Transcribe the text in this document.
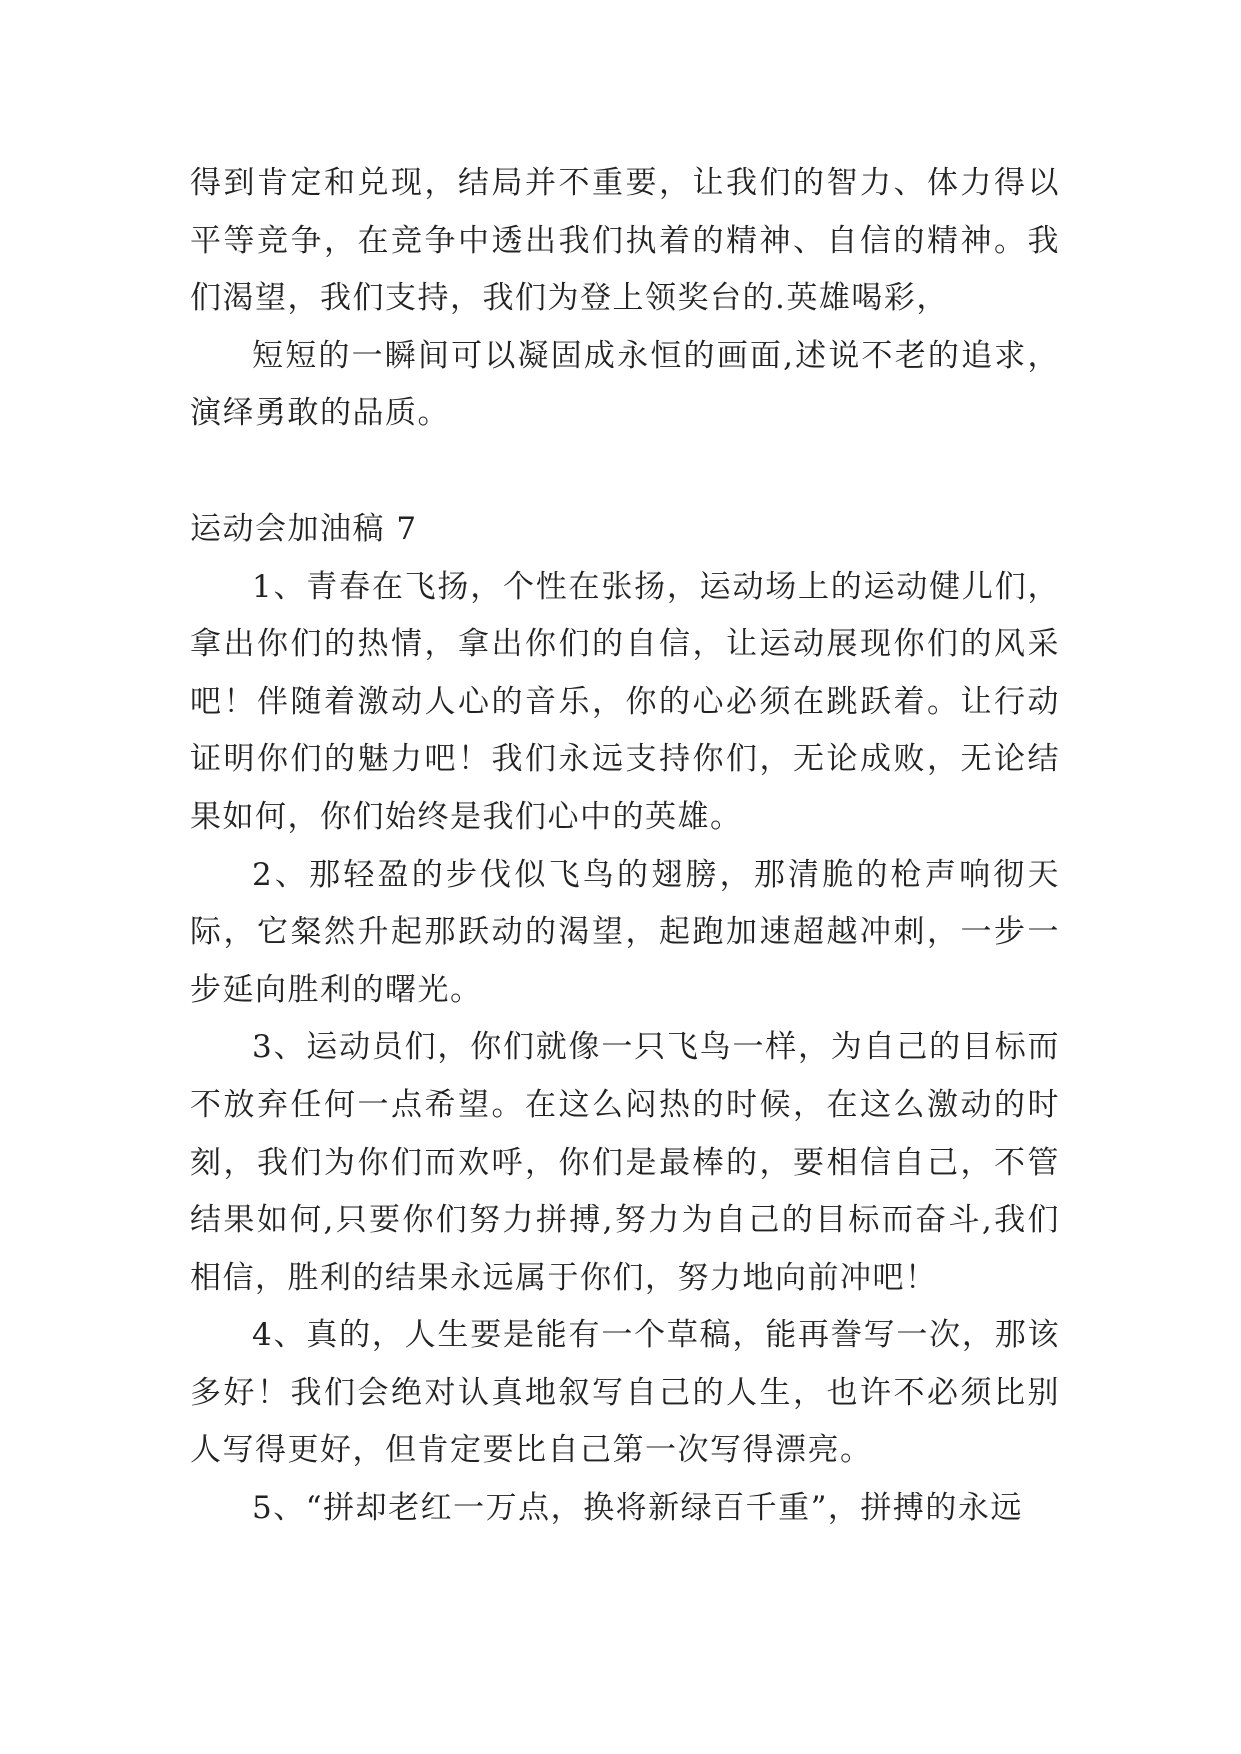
得到肯定和兑现，结局并不重要，让我们的智力、体力得以平等竞争，在竞争中透出我们执着的精神、自信的精神。我们渴望，我们支持，我们为登上领奖台的.英雄喝彩，

短短的一瞬间可以凝固成永恒的画面,述说不老的追求，演绎勇敢的品质。

运动会加油稿 7

1、青春在飞扬，个性在张扬，运动场上的运动健儿们，拿出你们的热情，拿出你们的自信，让运动展现你们的风采吧！伴随着激动人心的音乐，你的心必须在跳跃着。让行动证明你们的魅力吧！我们永远支持你们，无论成败，无论结果如何，你们始终是我们心中的英雄。

2、那轻盈的步伐似飞鸟的翅膀，那清脆的枪声响彻天际，它粲然升起那跃动的渴望，起跑加速超越冲刺，一步一步延向胜利的曙光。

3、运动员们，你们就像一只飞鸟一样，为自己的目标而不放弃任何一点希望。在这么闷热的时候，在这么激动的时刻，我们为你们而欢呼，你们是最棒的，要相信自己，不管结果如何,只要你们努力拼搏,努力为自己的目标而奋斗,我们相信，胜利的结果永远属于你们，努力地向前冲吧！

4、真的，人生要是能有一个草稿，能再誊写一次，那该多好！我们会绝对认真地叙写自己的人生，也许不必须比别人写得更好，但肯定要比自己第一次写得漂亮。

5、“拼却老红一万点，换将新绿百千重”，拼搏的永远
